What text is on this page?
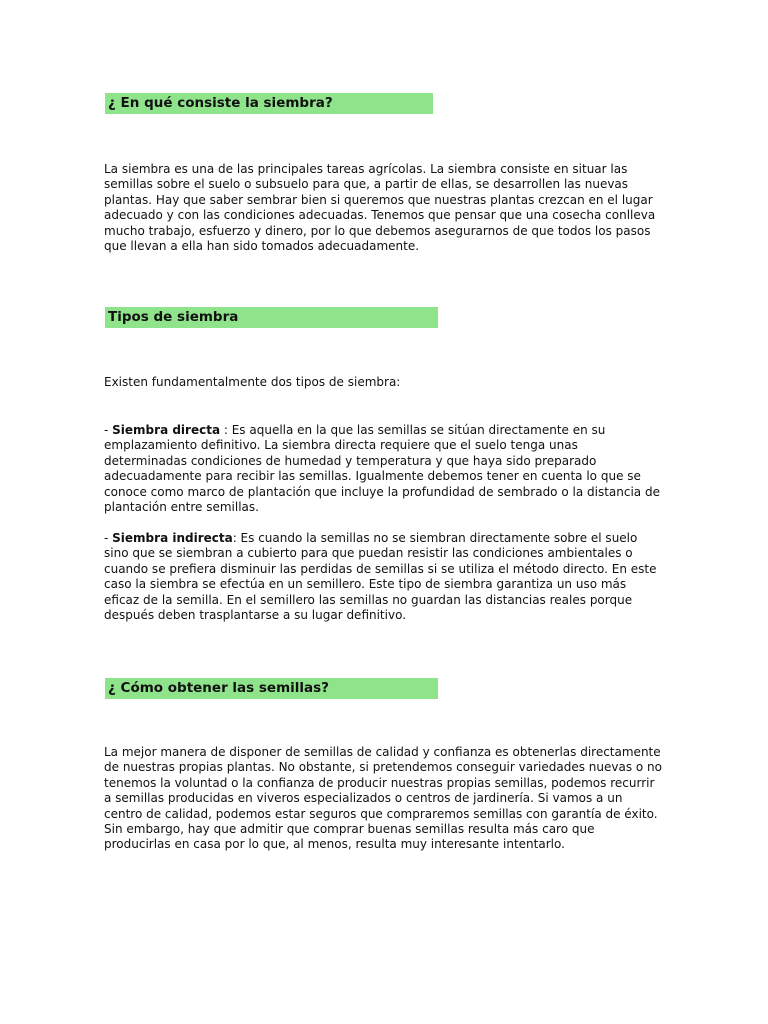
¿ En qué consiste la siembra?

La siembra es una de las principales tareas agrícolas. La siembra consiste en situar las semillas sobre el suelo o subsuelo para que, a partir de ellas, se desarrollen las nuevas plantas. Hay que saber sembrar bien si queremos que nuestras plantas crezcan en el lugar adecuado y con las condiciones adecuadas. Tenemos que pensar que una cosecha conlleva mucho trabajo, esfuerzo y dinero, por lo que debemos asegurarnos de que todos los pasos que llevan a ella han sido tomados adecuadamente.

Tipos de siembra

Existen fundamentalmente dos tipos de siembra:

- Siembra directa : Es aquella en la que las semillas se sitúan directamente en su emplazamiento definitivo. La siembra directa requiere que el suelo tenga unas determinadas condiciones de humedad y temperatura y que haya sido preparado adecuadamente para recibir las semillas. Igualmente debemos tener en cuenta lo que se conoce como marco de plantación que incluye la profundidad de sembrado o la distancia de plantación entre semillas.

- Siembra indirecta: Es cuando la semillas no se siembran directamente sobre el suelo sino que se siembran a cubierto para que puedan resistir las condiciones ambientales o cuando se prefiera disminuir las perdidas de semillas si se utiliza el método directo. En este caso la siembra se efectúa en un semillero. Este tipo de siembra garantiza un uso más eficaz de la semilla. En el semillero las semillas no guardan las distancias reales porque después deben trasplantarse a su lugar definitivo.

¿ Cómo obtener las semillas?

La mejor manera de disponer de semillas de calidad y confianza es obtenerlas directamente de nuestras propias plantas. No obstante, si pretendemos conseguir variedades nuevas o no tenemos la voluntad o la confianza de producir nuestras propias semillas, podemos recurrir a semillas producidas en viveros especializados o centros de jardinería. Si vamos a un centro de calidad, podemos estar seguros que compraremos semillas con garantía de éxito. Sin embargo, hay que admitir que comprar buenas semillas resulta más caro que producirlas en casa por lo que, al menos, resulta muy interesante intentarlo.
